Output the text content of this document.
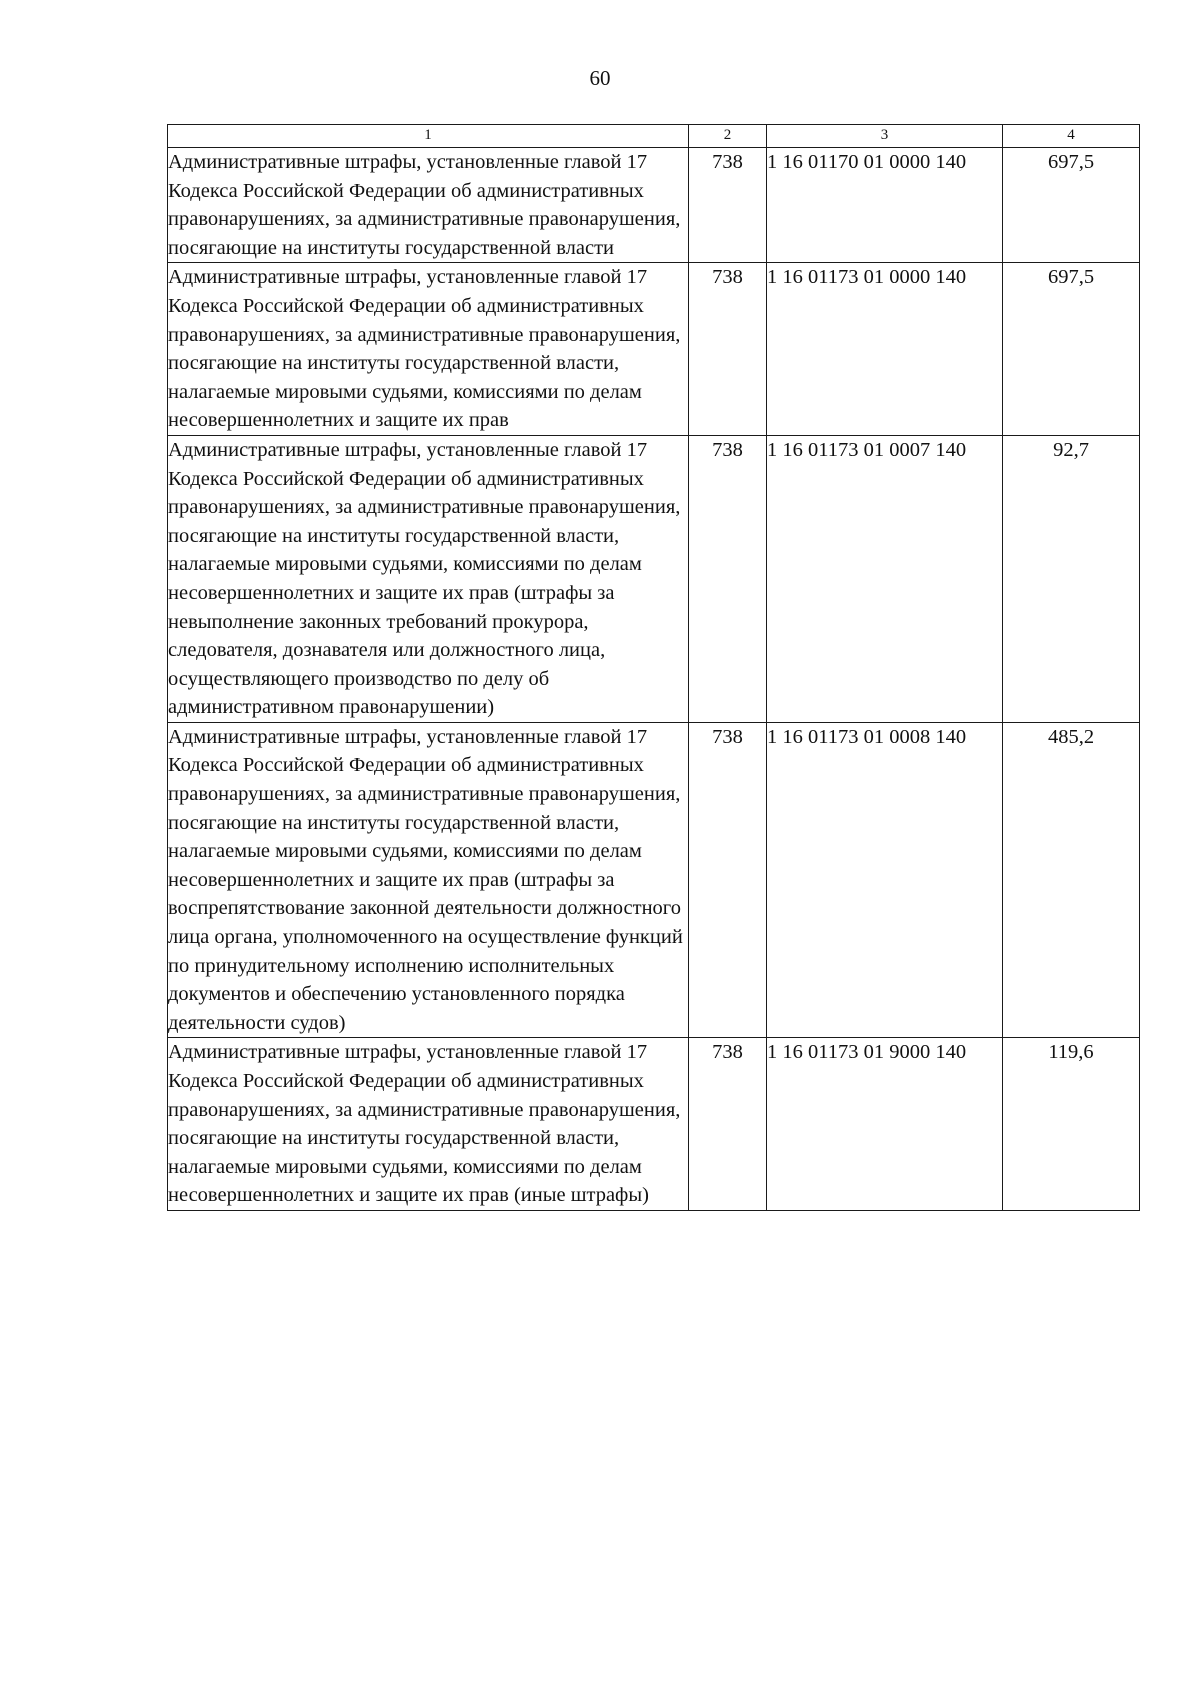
60
1	2	3	4
Административные штрафы, установленные главой 17 Кодекса Российской Федерации об административных правонарушениях, за административные правонарушения, посягающие на институты государственной власти	738	1 16 01170 01 0000 140	697,5
Административные штрафы, установленные главой 17 Кодекса Российской Федерации об административных правонарушениях, за административные правонарушения, посягающие на институты государственной власти, налагаемые мировыми судьями, комиссиями по делам несовершеннолетних и защите их прав	738	1 16 01173 01 0000 140	697,5
Административные штрафы, установленные главой 17 Кодекса Российской Федерации об административных правонарушениях, за административные правонарушения, посягающие на институты государственной власти, налагаемые мировыми судьями, комиссиями по делам несовершеннолетних и защите их прав (штрафы за невыполнение законных требований прокурора, следователя, дознавателя или должностного лица, осуществляющего производство по делу об административном правонарушении)	738	1 16 01173 01 0007 140	92,7
Административные штрафы, установленные главой 17 Кодекса Российской Федерации об административных правонарушениях, за административные правонарушения, посягающие на институты государственной власти, налагаемые мировыми судьями, комиссиями по делам несовершеннолетних и защите их прав (штрафы за воспрепятствование законной деятельности должностного лица органа, уполномоченного на осуществление функций по принудительному исполнению исполнительных документов и обеспечению установленного порядка деятельности судов)	738	1 16 01173 01 0008 140	485,2
Административные штрафы, установленные главой 17 Кодекса Российской Федерации об административных правонарушениях, за административные правонарушения, посягающие на институты государственной власти, налагаемые мировыми судьями, комиссиями по делам несовершеннолетних и защите их прав (иные штрафы)	738	1 16 01173 01 9000 140	119,6
